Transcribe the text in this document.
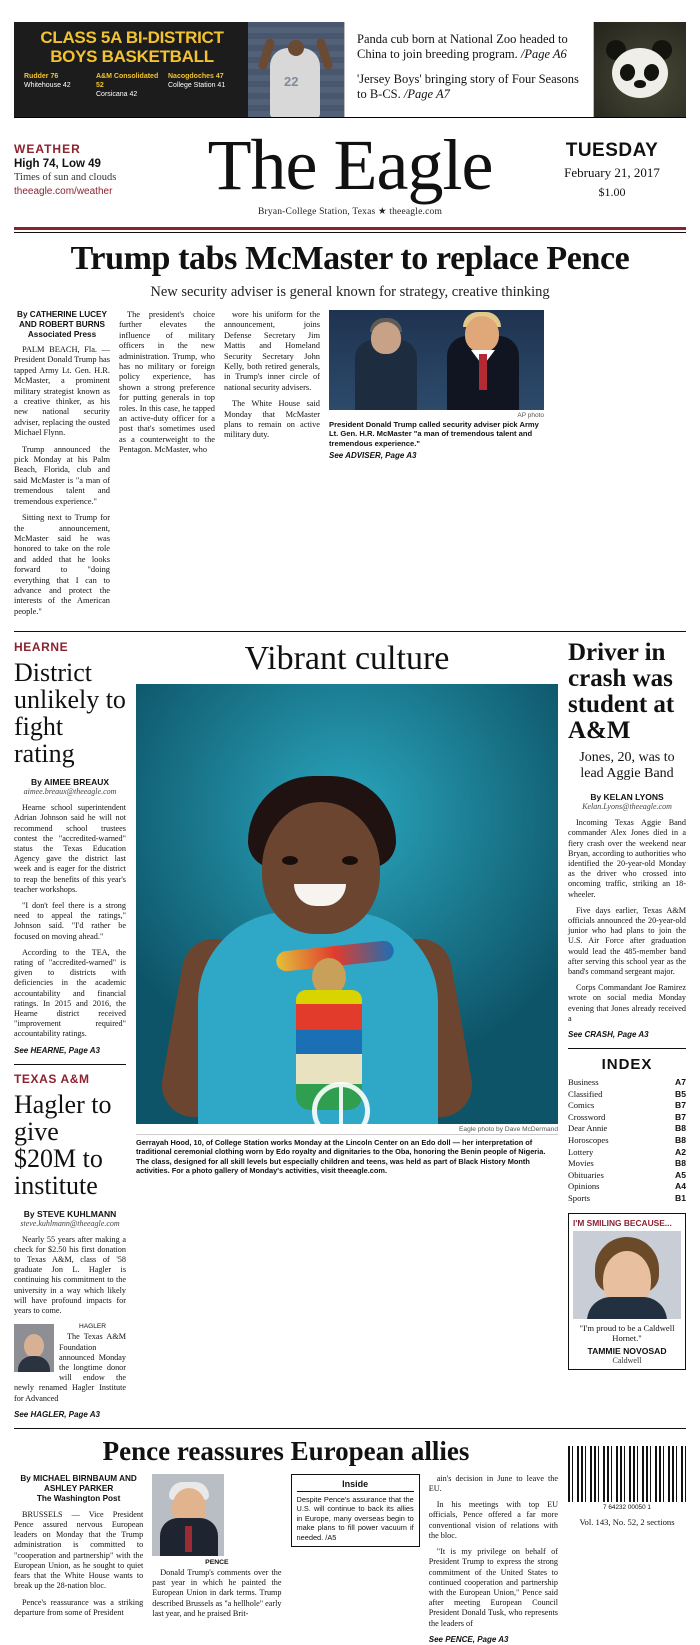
CLASS 5A BI-DISTRICT
BOYS BASKETBALL
Rudder 76
Whitehouse 42
A&M Consolidated 52
Corsicana 42
Nacogdoches 47
College Station 41	22
Panda cub born at National Zoo headed to China to join breeding program. /Page A6
'Jersey Boys' bringing story of Four Seasons to B-CS. /Page A7
WEATHER
High 74, Low 49
Times of sun and clouds
theeagle.com/weather	The Eagle
Bryan-College Station, Texas ★ theeagle.com
TUESDAY
February 21, 2017
$1.00
Trump tabs McMaster to replace Pence
New security adviser is general known for strategy, creative thinking
By CATHERINE LUCEY AND ROBERT BURNS
Associated Press

PALM BEACH, Fla. — President Donald Trump has tapped Army Lt. Gen. H.R. McMaster, a prominent military strategist known as a creative thinker, as his new national security adviser, replacing the ousted Michael Flynn.

Trump announced the pick Monday at his Palm Beach, Florida, club and said McMaster is "a man of tremendous talent and tremendous experience."

Sitting next to Trump for the announcement, McMaster said he was honored to take on the role and added that he looks forward to "doing everything that I can to advance and protect the interests of the American people."

The president's choice further elevates the influence of military officers in the new administration. Trump, who has no military or foreign policy experience, has shown a strong preference for putting generals in top roles. In this case, he tapped an active-duty officer for a post that's sometimes used as a counterweight to the Pentagon. McMaster, who

wore his uniform for the announcement, joins Defense Secretary Jim Mattis and Homeland Security Secretary John Kelly, both retired generals, in Trump's inner circle of national security advisers.

The White House said Monday that McMaster plans to remain on active military duty.

AP photo
President Donald Trump called security adviser pick Army Lt. Gen. H.R. McMaster "a man of tremendous talent and tremendous experience."
See ADVISER, Page A3
HEARNE
District unlikely to fight rating
By AIMEE BREAUX
aimee.breaux@theeagle.com

Hearne school superintendent Adrian Johnson said he will not recommend school trustees contest the "accredited-warned" status the Texas Education Agency gave the district last week and is eager for the district to reap the benefits of this year's teacher workshops.

"I don't feel there is a strong need to appeal the ratings," Johnson said. "I'd rather be focused on moving ahead."

According to the TEA, the rating of "accredited-warned" is given to districts with deficiencies in the academic accountability and financial ratings. In 2015 and 2016, the Hearne district received "improvement required" accountability ratings.

See HEARNE, Page A3
TEXAS A&M
Hagler to give $20M to institute
By STEVE KUHLMANN
steve.kuhlmann@theeagle.com

Nearly 55 years after making a check for $2.50 his first donation to Texas A&M, class of '58 graduate Jon L. Hagler is continuing his commitment to the university in a way which likely will have profound impacts for years to come.

HAGLER

The Texas A&M Foundation announced Monday the longtime donor will endow the newly renamed Hagler Institute for Advanced

See HAGLER, Page A3
Vibrant culture
Eagle photo by Dave McDermand
Gerrayah Hood, 10, of College Station works Monday at the Lincoln Center on an Edo doll — her interpretation of traditional ceremonial clothing worn by Edo royalty and dignitaries to the Oba, honoring the Benin people of Nigeria. The class, designed for all skill levels but especially children and teens, was held as part of Black History Month activities. For a photo gallery of Monday's activities, visit theeagle.com.
Driver in crash was student at A&M
Jones, 20, was to lead Aggie Band
By KELAN LYONS
Kelan.Lyons@theeagle.com

Incoming Texas Aggie Band commander Alex Jones died in a fiery crash over the weekend near Bryan, according to authorities who identified the 20-year-old Monday as the driver who crossed into oncoming traffic, striking an 18-wheeler.

Five days earlier, Texas A&M officials announced the 20-year-old junior who had plans to join the U.S. Air Force after graduation would lead the 485-member band after serving this school year as the band's command sergeant major.

Corps Commandant Joe Ramirez wrote on social media Monday evening that Jones already received a

See CRASH, Page A3
INDEX
Business	A7
Classified	B5
Comics	B7
Crossword	B7
Dear Annie	B8
Horoscopes	B8
Lottery	A2
Movies	B8
Obituaries	A5
Opinions	A4
Sports	B1
I'M SMILING BECAUSE...
"I'm proud to be a Caldwell Hornet."
TAMMIE NOVOSAD
Caldwell
Pence reassures European allies
By MICHAEL BIRNBAUM AND ASHLEY PARKER
The Washington Post

BRUSSELS — Vice President Pence assured nervous European leaders on Monday that the Trump administration is committed to "cooperation and partnership" with the European Union, as he sought to quiet fears that the White House wants to break up the 28-nation bloc.

Pence's reassurance was a striking departure from some of President

PENCE

Donald Trump's comments over the past year in which he painted the European Union in dark terms. Trump described Brussels as "a hellhole" early last year, and he praised Brit-

Inside
Despite Pence's assurance that the U.S. will continue to back its allies in Europe, many overseas begin to make plans to fill power vacuum if needed. /A5

ain's decision in June to leave the EU.

In his meetings with top EU officials, Pence offered a far more conventional vision of relations with the bloc.

"It is my privilege on behalf of President Trump to express the strong commitment of the United States to continued cooperation and partnership with the European Union," Pence said after meeting European Council President Donald Tusk, who represents the leaders of

See PENCE, Page A3
7 64232 00050 1
Vol. 143, No. 52, 2 sections
